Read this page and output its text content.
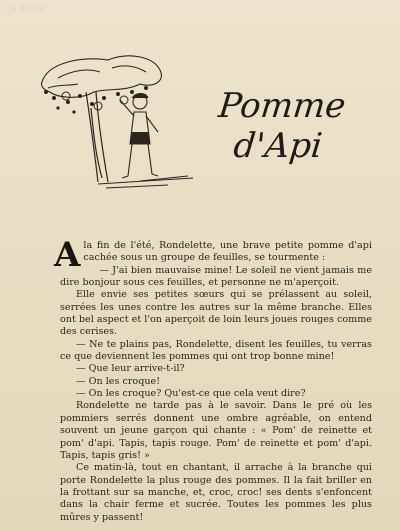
Le livre
Pomme
d'Api

Ala fin de l'été, Rondelette, une brave petite pomme d'api cachée sous un groupe de feuilles, se tourmente :

— J'ai bien mauvaise mine! Le soleil ne vient jamais me dire bonjour sous ces feuilles, et personne ne m'aperçoit.

Elle envie ses petites sœurs qui se prélassent au soleil, serrées les unes contre les autres sur la même branche. Elles ont bel aspect et l'on aperçoit de loin leurs joues rouges comme des cerises.

— Ne te plains pas, Rondelette, disent les feuilles, tu verras ce que deviennent les pommes qui ont trop bonne mine!

— Que leur arrive-t-il?

— On les croque!

— On les croque? Qu'est-ce que cela veut dire?

Rondelette ne tarde pas à le savoir. Dans le pré où les pommiers serrés donnent une ombre agréable, on entend souvent un jeune garçon qui chante : « Pom' de reinette et pom' d'api. Tapis, tapis rouge. Pom' de reinette et pom' d'api. Tapis, tapis gris! »

Ce matin-là, tout en chantant, il arrache à la branche qui porte Rondelette la plus rouge des pommes. Il la fait briller en la frottant sur sa manche, et, croc, croc! ses dents s'enfoncent dans la chair ferme et sucrée. Toutes les pommes les plus mûres y passent!
